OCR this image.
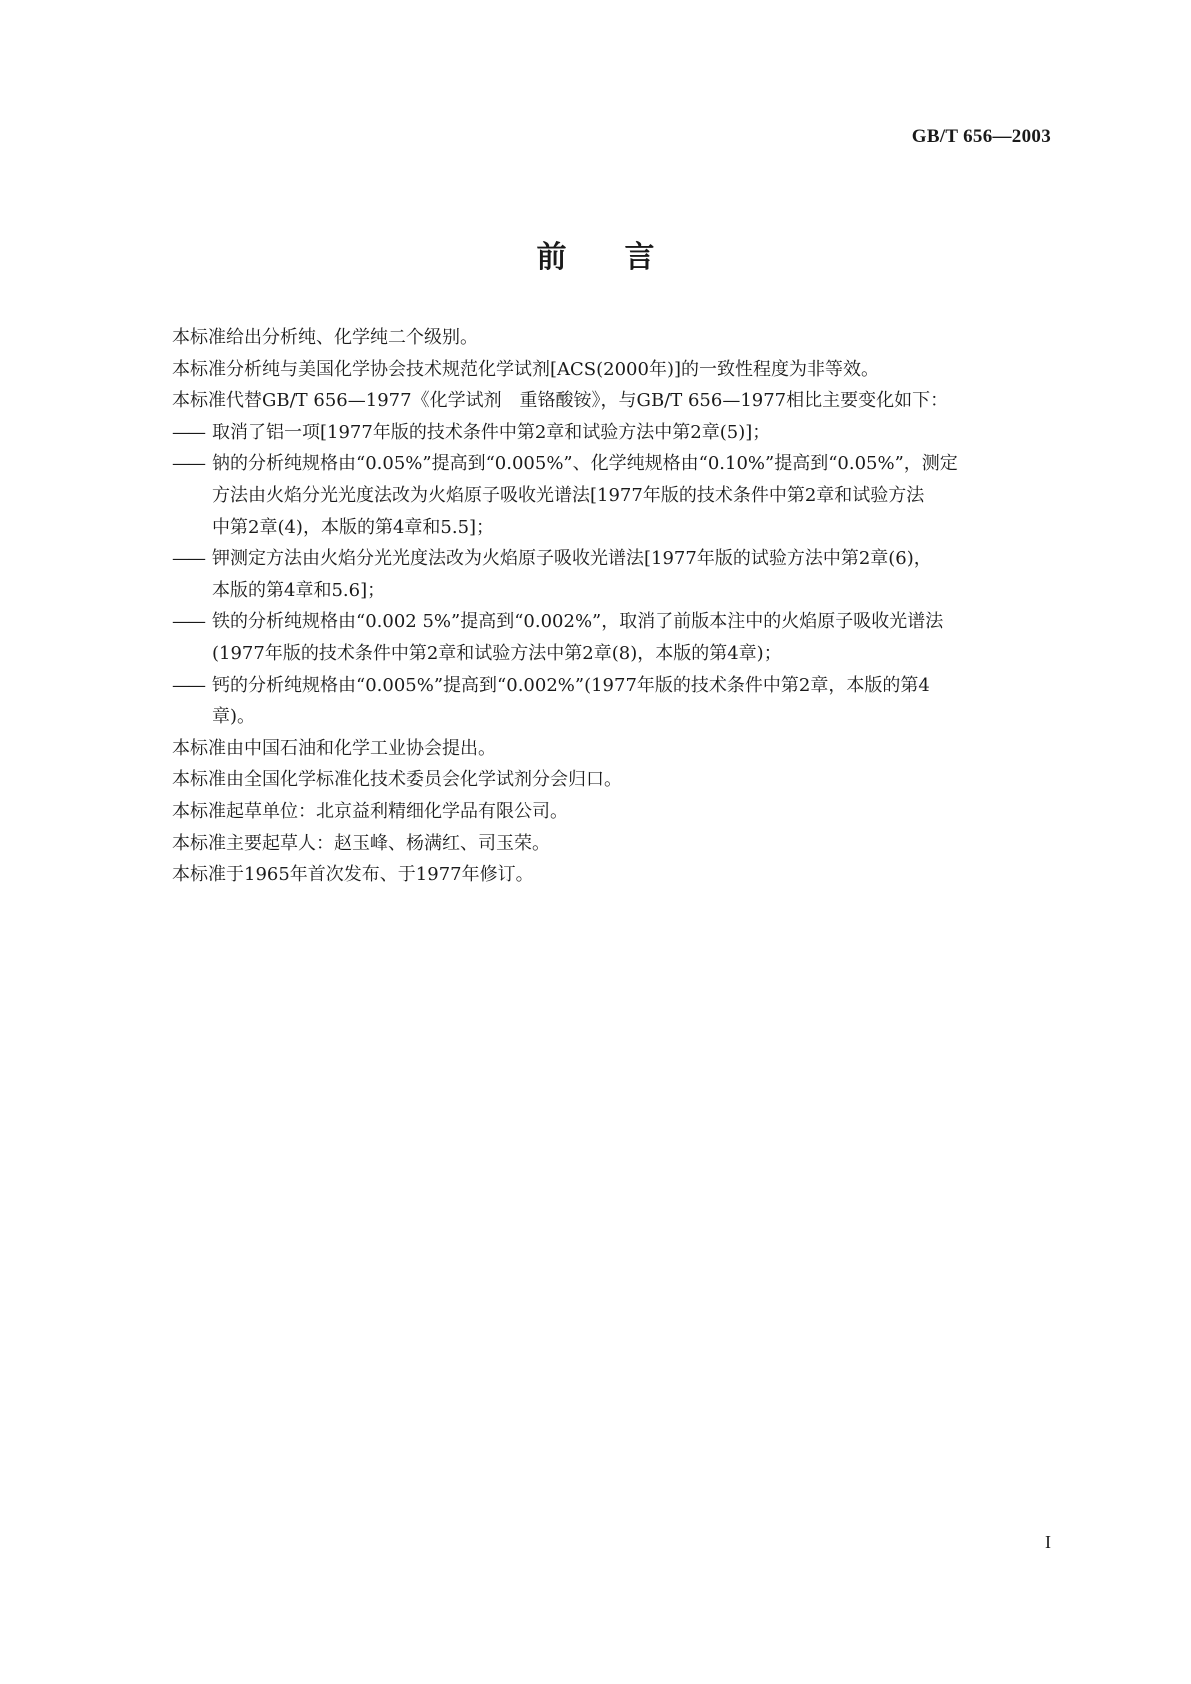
GB/T 656—2003
前言

本标准给出分析纯、化学纯二个级别。

本标准分析纯与美国化学协会技术规范化学试剂[ACS(2000年)]的一致性程度为非等效。

本标准代替GB/T 656—1977《化学试剂　重铬酸铵》，与GB/T 656—1977相比主要变化如下：

—— 取消了铝一项[1977年版的技术条件中第2章和试验方法中第2章(5)]；
—— 钠的分析纯规格由“0.05%”提高到“0.005%”、化学纯规格由“0.10%”提高到“0.05%”，测定
方法由火焰分光光度法改为火焰原子吸收光谱法[1977年版的技术条件中第2章和试验方法
中第2章(4)，本版的第4章和5.5]；
—— 钾测定方法由火焰分光光度法改为火焰原子吸收光谱法[1977年版的试验方法中第2章(6)，
本版的第4章和5.6]；
—— 铁的分析纯规格由“0.002 5%”提高到“0.002%”，取消了前版本注中的火焰原子吸收光谱法
(1977年版的技术条件中第2章和试验方法中第2章(8)，本版的第4章)；
—— 钙的分析纯规格由“0.005%”提高到“0.002%”(1977年版的技术条件中第2章，本版的第4
章)。

本标准由中国石油和化学工业协会提出。

本标准由全国化学标准化技术委员会化学试剂分会归口。

本标准起草单位：北京益利精细化学品有限公司。

本标准主要起草人：赵玉峰、杨满红、司玉荣。

本标准于1965年首次发布、于1977年修订。

I
